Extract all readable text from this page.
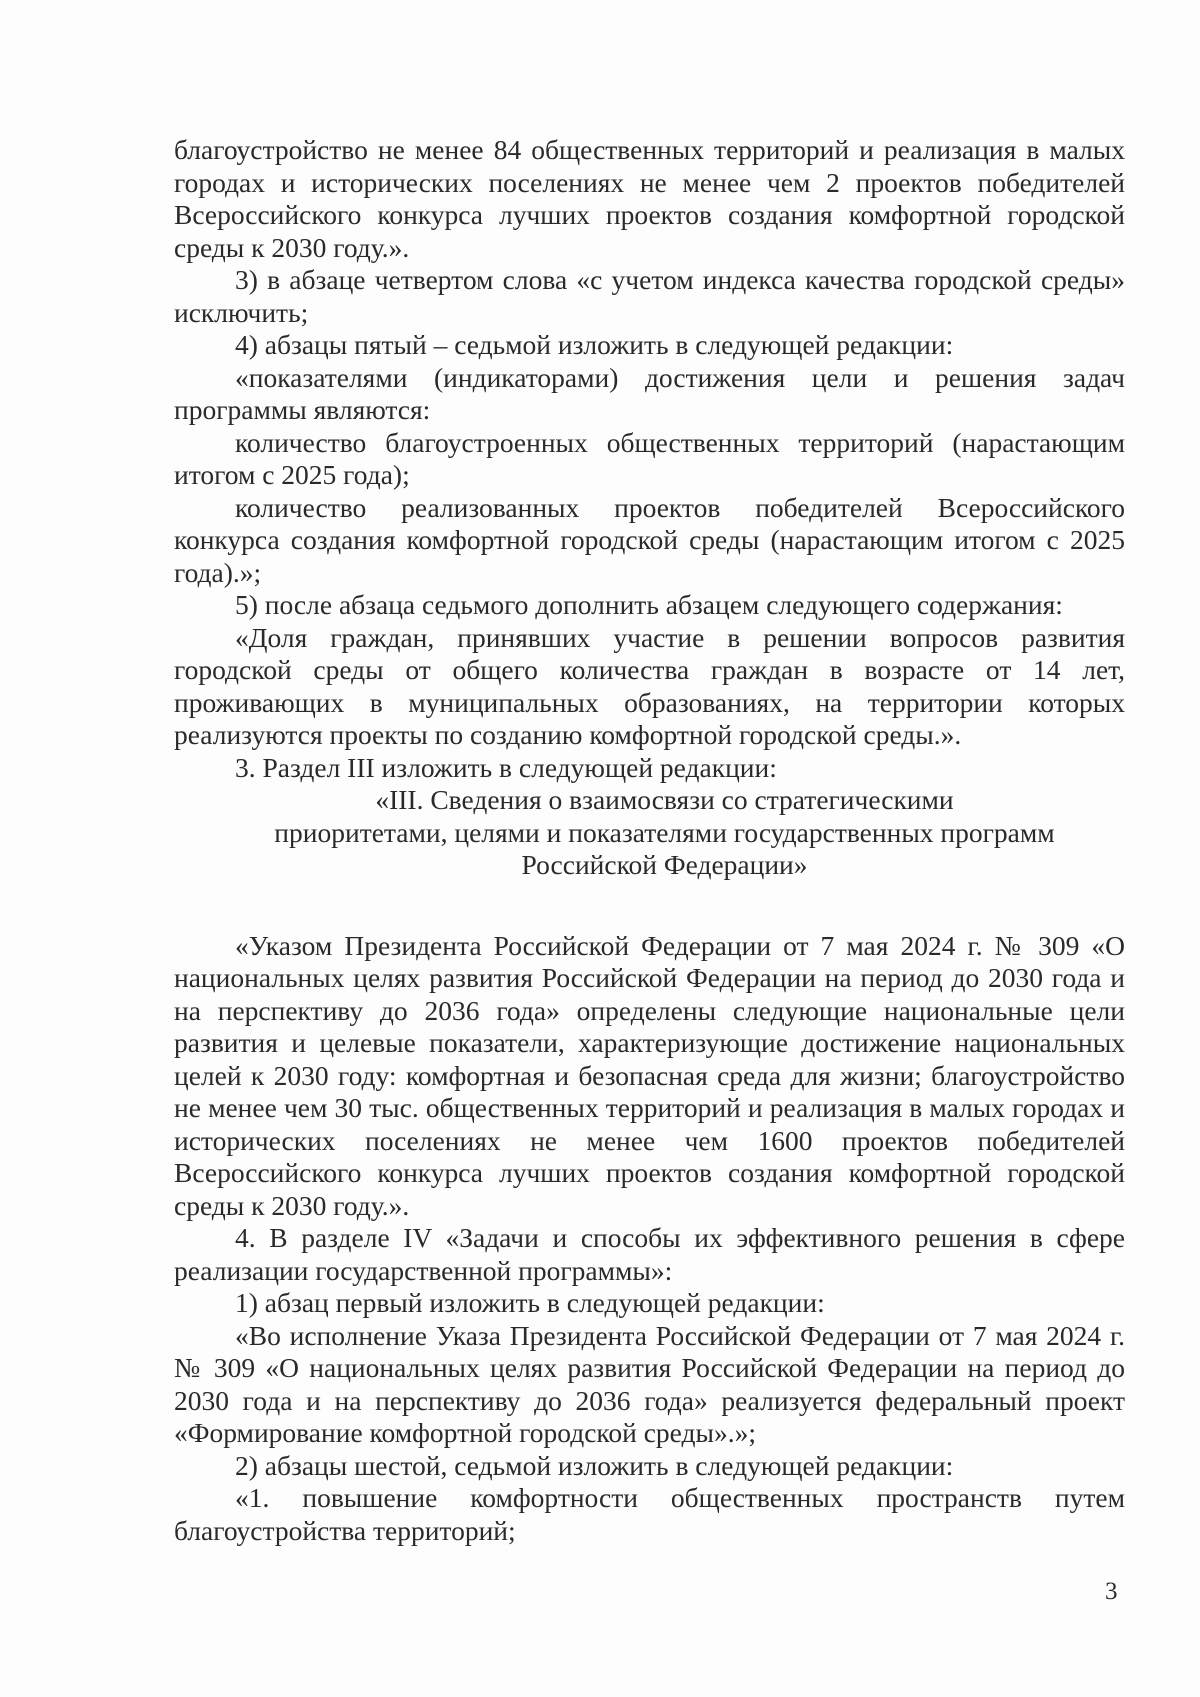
благоустройство не менее 84 общественных территорий и реализация в малых городах и исторических поселениях не менее чем 2 проектов победителей Всероссийского конкурса лучших проектов создания комфортной городской среды к 2030 году.».

3) в абзаце четвертом слова «с учетом индекса качества городской среды» исключить;

4) абзацы пятый – седьмой изложить в следующей редакции:

«показателями (индикаторами) достижения цели и решения задач программы являются:

количество благоустроенных общественных территорий (нарастающим итогом с 2025 года);

количество реализованных проектов победителей Всероссийского конкурса создания комфортной городской среды (нарастающим итогом с 2025 года).»;

5) после абзаца седьмого дополнить абзацем следующего содержания:

«Доля граждан, принявших участие в решении вопросов развития городской среды от общего количества граждан в возрасте от 14 лет, проживающих в муниципальных образованиях, на территории которых реализуются проекты по созданию комфортной городской среды.».

3. Раздел III изложить в следующей редакции:

«III. Сведения о взаимосвязи со стратегическими
приоритетами, целями и показателями государственных программ
Российской Федерации»

«Указом Президента Российской Федерации от 7 мая 2024 г. № 309 «О национальных целях развития Российской Федерации на период до 2030 года и на перспективу до 2036 года» определены следующие национальные цели развития и целевые показатели, характеризующие достижение национальных целей к 2030 году: комфортная и безопасная среда для жизни; благоустройство не менее чем 30 тыс. общественных территорий и реализация в малых городах и исторических поселениях не менее чем 1600 проектов победителей Всероссийского конкурса лучших проектов создания комфортной городской среды к 2030 году.».

4. В разделе IV «Задачи и способы их эффективного решения в сфере реализации государственной программы»:

1) абзац первый изложить в следующей редакции:

«Во исполнение Указа Президента Российской Федерации от 7 мая 2024 г. № 309 «О национальных целях развития Российской Федерации на период до 2030 года и на перспективу до 2036 года» реализуется федеральный проект «Формирование комфортной городской среды».»;

2) абзацы шестой, седьмой изложить в следующей редакции:

«1. повышение комфортности общественных пространств путем благоустройства территорий;

3
